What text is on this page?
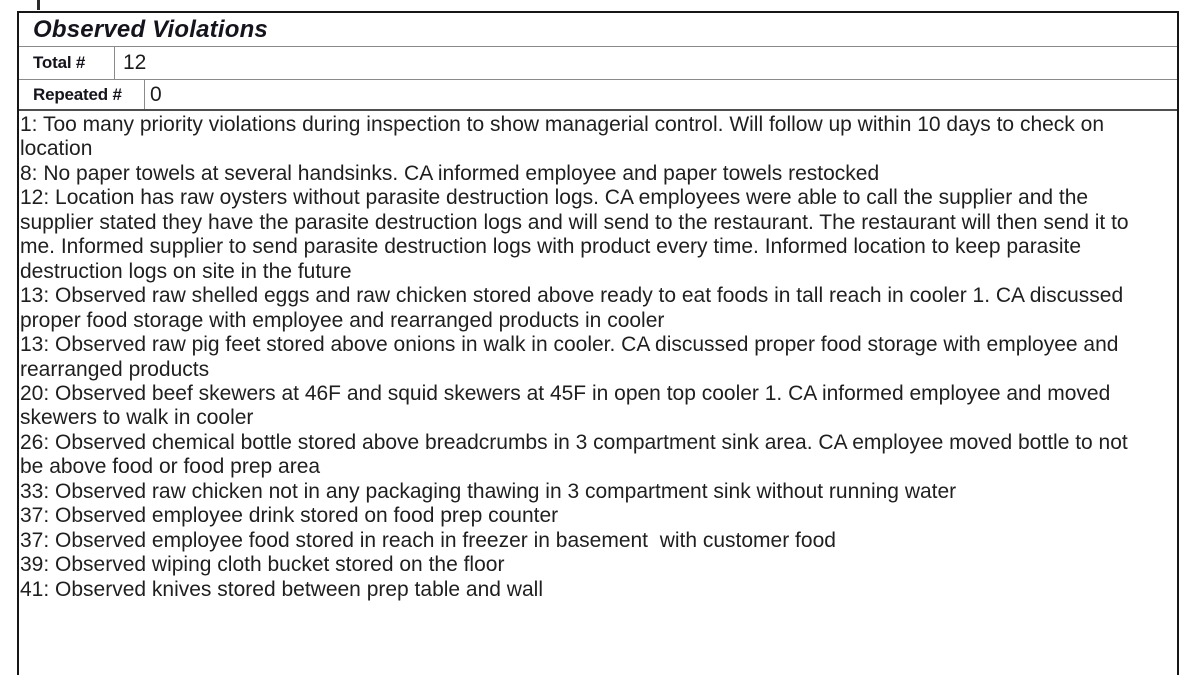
Observed Violations
Total #	12
Repeated # 0
1: Too many priority violations during inspection to show managerial control. Will follow up within 10 days to check on location
8: No paper towels at several handsinks. CA informed employee and paper towels restocked
12: Location has raw oysters without parasite destruction logs. CA employees were able to call the supplier and the supplier stated they have the parasite destruction logs and will send to the restaurant. The restaurant will then send it to me. Informed supplier to send parasite destruction logs with product every time. Informed location to keep parasite destruction logs on site in the future
13: Observed raw shelled eggs and raw chicken stored above ready to eat foods in tall reach in cooler 1. CA discussed proper food storage with employee and rearranged products in cooler
13: Observed raw pig feet stored above onions in walk in cooler. CA discussed proper food storage with employee and rearranged products
20: Observed beef skewers at 46F and squid skewers at 45F in open top cooler 1. CA informed employee and moved skewers to walk in cooler
26: Observed chemical bottle stored above breadcrumbs in 3 compartment sink area. CA employee moved bottle to not be above food or food prep area
33: Observed raw chicken not in any packaging thawing in 3 compartment sink without running water
37: Observed employee drink stored on food prep counter
37: Observed employee food stored in reach in freezer in basement  with customer food
39: Observed wiping cloth bucket stored on the floor
41: Observed knives stored between prep table and wall
